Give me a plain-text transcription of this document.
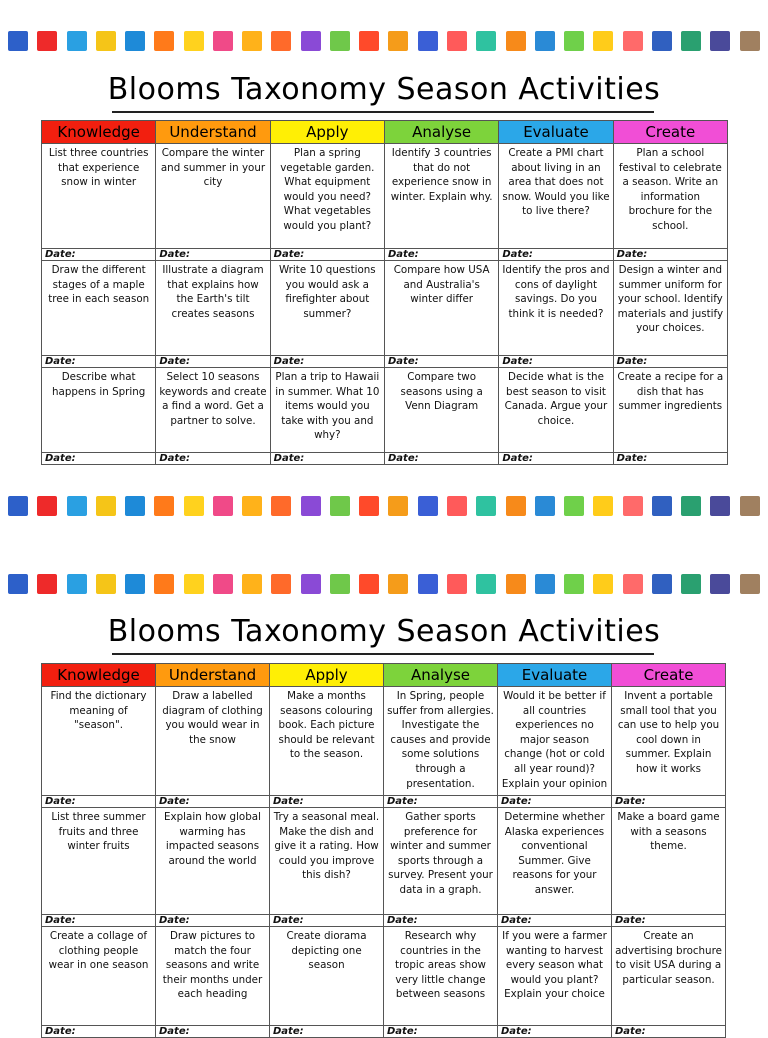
Blooms Taxonomy Season Activities
Knowledge	Understand	Apply	Analyse	Evaluate	Create
List three countries that experience snow in winter	Compare the winter and summer in your city	Plan a spring vegetable garden. What equipment would you need? What vegetables would you plant?	Identify 3 countries that do not experience snow in winter. Explain why.	Create a PMI chart about living in an area that does not snow. Would you like to live there?	Plan a school festival to celebrate a season. Write an information brochure for the school.
Date:	Date:	Date:	Date:	Date:	Date:
Draw the different stages of a maple tree in each season	Illustrate a diagram that explains how the Earth's tilt creates seasons	Write 10 questions you would ask a firefighter about summer?	Compare how USA and Australia's winter differ	Identify the pros and cons of daylight savings. Do you think it is needed?	Design a winter and summer uniform for your school. Identify materials and justify your choices.
Date:	Date:	Date:	Date:	Date:	Date:
Describe what happens in Spring	Select 10 seasons keywords and create a find a word. Get a partner to solve.	Plan a trip to Hawaii in summer. What 10 items would you take with you and why?	Compare two seasons using a Venn Diagram	Decide what is the best season to visit Canada. Argue your choice.	Create a recipe for a dish that has summer ingredients
Date:	Date:	Date:	Date:	Date:	Date:
Blooms Taxonomy Season Activities
Knowledge	Understand	Apply	Analyse	Evaluate	Create
Find the dictionary meaning of "season".	Draw a labelled diagram of clothing you would wear in the snow	Make a months seasons colouring book. Each picture should be relevant to the season.	In Spring, people suffer from allergies. Investigate the causes and provide some solutions through a presentation.	Would it be better if all countries experiences no major season change (hot or cold all year round)? Explain your opinion	Invent a portable small tool that you can use to help you cool down in summer. Explain how it works
Date:	Date:	Date:	Date:	Date:	Date:
List three summer fruits and three winter fruits	Explain how global warming has impacted seasons around the world	Try a seasonal meal. Make the dish and give it a rating. How could you improve this dish?	Gather sports preference for winter and summer sports through a survey. Present your data in a graph.	Determine whether Alaska experiences conventional Summer. Give reasons for your answer.	Make a board game with a seasons theme.
Date:	Date:	Date:	Date:	Date:	Date:
Create a collage of clothing people wear in one season	Draw pictures to match the four seasons and write their months under each heading	Create diorama depicting one season	Research why countries in the tropic areas show very little change between seasons	If you were a farmer wanting to harvest every season what would you plant? Explain your choice	Create an advertising brochure to visit USA during a particular season.
Date:	Date:	Date:	Date:	Date:	Date:
